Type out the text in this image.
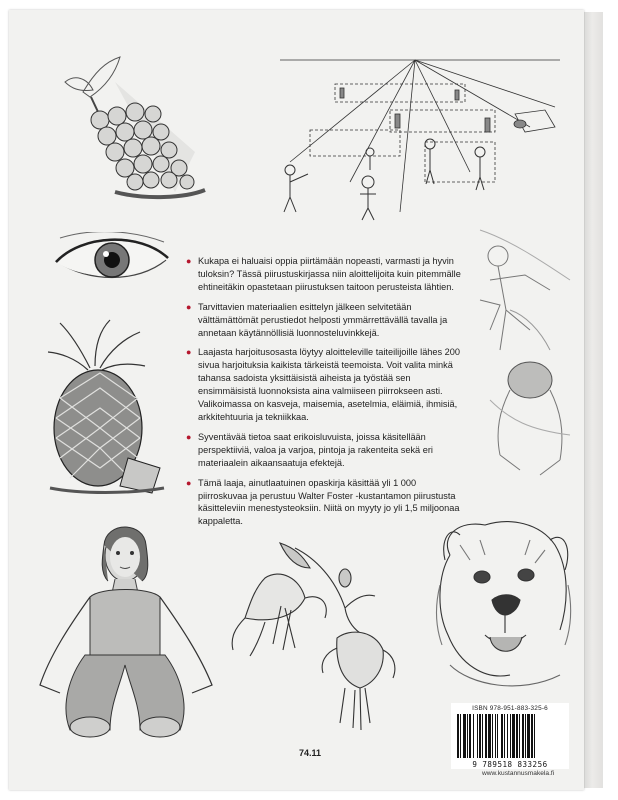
● Kukapa ei haluaisi oppia piirtämään nopeasti, varmasti ja hyvin tuloksin? Tässä piirustuskirjassa niin aloittelijoita kuin pitemmälle ehtineitäkin opastetaan piirustuksen taitoon perusteista lähtien.
● Tarvittavien materiaalien esittelyn jälkeen selvitetään välttämättömät perustiedot helposti ymmärrettävällä tavalla ja annetaan käytännöllisiä luonnosteluvinkkejä.
● Laajasta harjoitusosasta löytyy aloitteleville taiteilijoille lähes 200 sivua harjoituksia kaikista tärkeistä teemoista. Voit valita minkä tahansa sadoista yksittäisistä aiheista ja työstää sen ensimmäisistä luonnoksista aina valmiiseen piirrokseen asti. Valikoimassa on kasveja, maisemia, asetelmia, eläimiä, ihmisiä, arkkitehtuuria ja tekniikkaa.
● Syventävää tietoa saat erikoisluvuista, joissa käsitellään perspektiiviä, valoa ja varjoa, pintoja ja rakenteita sekä eri materiaalein aikaansaatuja efektejä.
● Tämä laaja, ainutlaatuinen opaskirja käsittää yli 1 000 piirroskuvaa ja perustuu Walter Foster -kustantamon piirustusta käsitteleviin menestysteoksiin. Niitä on myyty jo yli 1,5 miljoonaa kappaletta.
74.11
ISBN 978-951-883-325-6
9 789518 833256
www.kustannusmakela.fi
